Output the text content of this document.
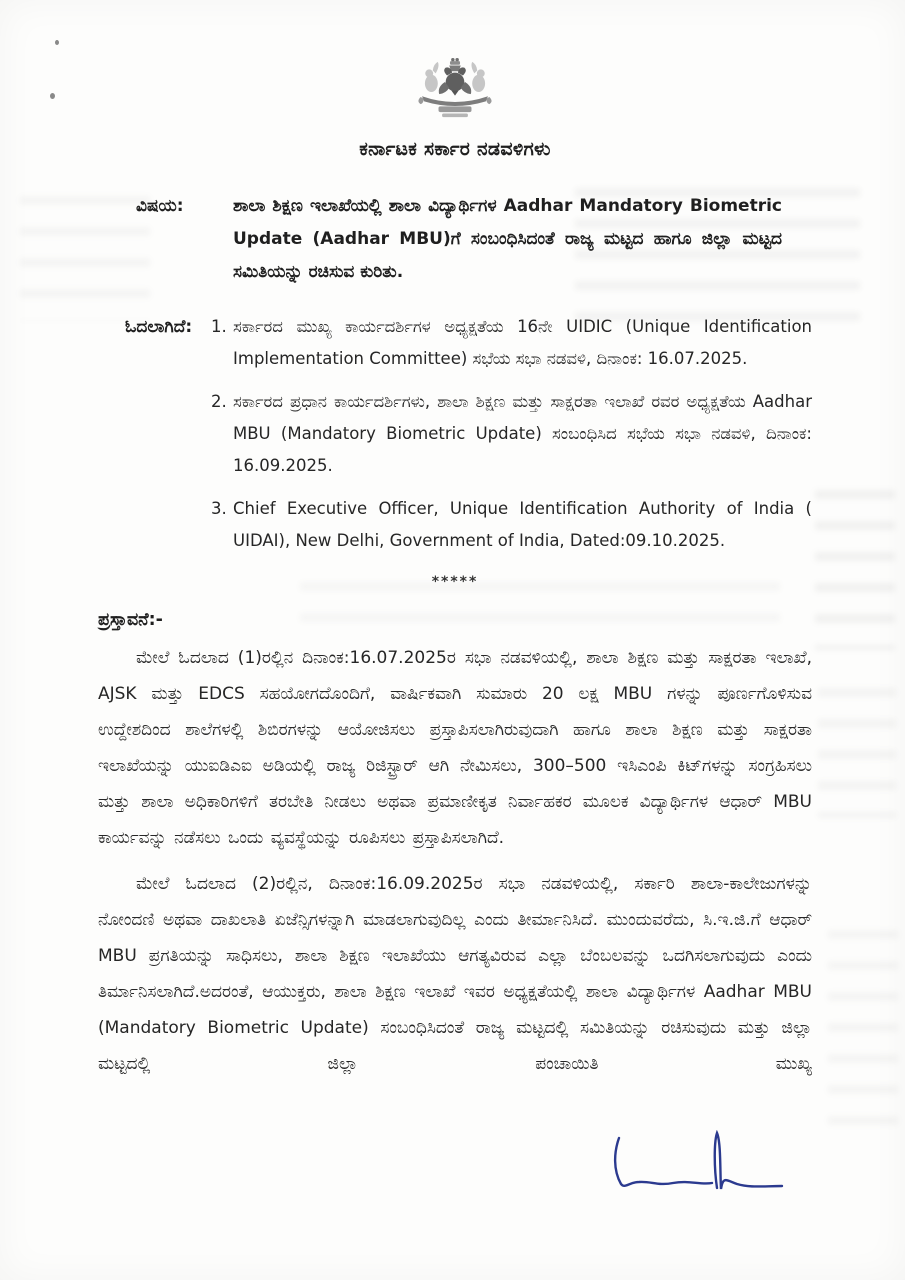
ಕರ್ನಾಟಕ ಸರ್ಕಾರ ನಡವಳಿಗಳು
ವಿಷಯ:	ಶಾಲಾ ಶಿಕ್ಷಣ ಇಲಾಖೆಯಲ್ಲಿ ಶಾಲಾ ವಿದ್ಯಾರ್ಥಿಗಳ Aadhar Mandatory Biometric Update (Aadhar MBU)ಗೆ ಸಂಬಂಧಿಸಿದಂತೆ ರಾಜ್ಯ ಮಟ್ಟದ ಹಾಗೂ ಜಿಲ್ಲಾ ಮಟ್ಟದ ಸಮಿತಿಯನ್ನು ರಚಿಸುವ ಕುರಿತು.
ಓದಲಾಗಿದೆ:	ಸರ್ಕಾರದ ಮುಖ್ಯ ಕಾರ್ಯದರ್ಶಿಗಳ ಅಧ್ಯಕ್ಷತೆಯ 16ನೇ UIDIC (Unique Identification Implementation Committee) ಸಭೆಯ ಸಭಾ ನಡವಳಿ, ದಿನಾಂಕ: 16.07.2025.
ಸರ್ಕಾರದ ಪ್ರಧಾನ ಕಾರ್ಯದರ್ಶಿಗಳು, ಶಾಲಾ ಶಿಕ್ಷಣ ಮತ್ತು ಸಾಕ್ಷರತಾ ಇಲಾಖೆ ರವರ ಅಧ್ಯಕ್ಷತೆಯ Aadhar MBU (Mandatory Biometric Update) ಸಂಬಂಧಿಸಿದ ಸಭೆಯ ಸಭಾ ನಡವಳಿ, ದಿನಾಂಕ: 16.09.2025.
Chief Executive Officer, Unique Identification Authority of India ( UIDAI), New Delhi, Government of India, Dated:09.10.2025.
*****
ಪ್ರಸ್ತಾವನೆ:-

ಮೇಲೆ ಓದಲಾದ (1)ರಲ್ಲಿನ ದಿನಾಂಕ:16.07.2025ರ ಸಭಾ ನಡವಳಿಯಲ್ಲಿ, ಶಾಲಾ ಶಿಕ್ಷಣ ಮತ್ತು ಸಾಕ್ಷರತಾ ಇಲಾಖೆ, AJSK ಮತ್ತು EDCS ಸಹಯೋಗದೊಂದಿಗೆ, ವಾರ್ಷಿಕವಾಗಿ ಸುಮಾರು 20 ಲಕ್ಷ MBU ಗಳನ್ನು ಪೂರ್ಣಗೊಳಿಸುವ ಉದ್ದೇಶದಿಂದ ಶಾಲೆಗಳಲ್ಲಿ ಶಿಬಿರಗಳನ್ನು ಆಯೋಜಿಸಲು ಪ್ರಸ್ತಾಪಿಸಲಾಗಿರುವುದಾಗಿ ಹಾಗೂ ಶಾಲಾ ಶಿಕ್ಷಣ ಮತ್ತು ಸಾಕ್ಷರತಾ ಇಲಾಖೆಯನ್ನು ಯುಐಡಿಎಐ ಅಡಿಯಲ್ಲಿ ರಾಜ್ಯ ರಿಜಿಸ್ಟ್ರಾರ್ ಆಗಿ ನೇಮಿಸಲು, 300–500 ಇಸಿಎಂಪಿ ಕಿಟ್‌ಗಳನ್ನು ಸಂಗ್ರಹಿಸಲು ಮತ್ತು ಶಾಲಾ ಅಧಿಕಾರಿಗಳಿಗೆ ತರಬೇತಿ ನೀಡಲು ಅಥವಾ ಪ್ರಮಾಣೀಕೃತ ನಿರ್ವಾಹಕರ ಮೂಲಕ ವಿದ್ಯಾರ್ಥಿಗಳ ಆಧಾರ್ MBU ಕಾರ್ಯವನ್ನು ನಡೆಸಲು ಒಂದು ವ್ಯವಸ್ಥೆಯನ್ನು ರೂಪಿಸಲು ಪ್ರಸ್ತಾಪಿಸಲಾಗಿದೆ.

ಮೇಲೆ ಓದಲಾದ (2)ರಲ್ಲಿನ, ದಿನಾಂಕ:16.09.2025ರ ಸಭಾ ನಡವಳಿಯಲ್ಲಿ, ಸರ್ಕಾರಿ ಶಾಲಾ-ಕಾಲೇಜುಗಳನ್ನು ನೋಂದಣಿ ಅಥವಾ ದಾಖಲಾತಿ ಏಜೆನ್ಸಿಗಳನ್ನಾಗಿ ಮಾಡಲಾಗುವುದಿಲ್ಲ ಎಂದು ತೀರ್ಮಾನಿಸಿದೆ. ಮುಂದುವರೆದು, ಸಿ.ಇ.ಜಿ.ಗೆ ಆಧಾರ್ MBU ಪ್ರಗತಿಯನ್ನು ಸಾಧಿಸಲು, ಶಾಲಾ ಶಿಕ್ಷಣ ಇಲಾಖೆಯು ಆಗತ್ಯವಿರುವ ಎಲ್ಲಾ ಬೆಂಬಲವನ್ನು ಒದಗಿಸಲಾಗುವುದು ಎಂದು ತಿರ್ಮಾನಿಸಲಾಗಿದೆ.ಅದರಂತೆ, ಆಯುಕ್ತರು, ಶಾಲಾ ಶಿಕ್ಷಣ ಇಲಾಖೆ ಇವರ ಅಧ್ಯಕ್ಷತೆಯಲ್ಲಿ ಶಾಲಾ ವಿದ್ಯಾರ್ಥಿಗಳ Aadhar MBU (Mandatory Biometric Update) ಸಂಬಂಧಿಸಿದಂತೆ ರಾಜ್ಯ ಮಟ್ಟದಲ್ಲಿ ಸಮಿತಿಯನ್ನು ರಚಿಸುವುದು ಮತ್ತು ಜಿಲ್ಲಾ ಮಟ್ಟದಲ್ಲಿ ಜಿಲ್ಲಾ ಪಂಚಾಯಿತಿ ಮುಖ್ಯ
